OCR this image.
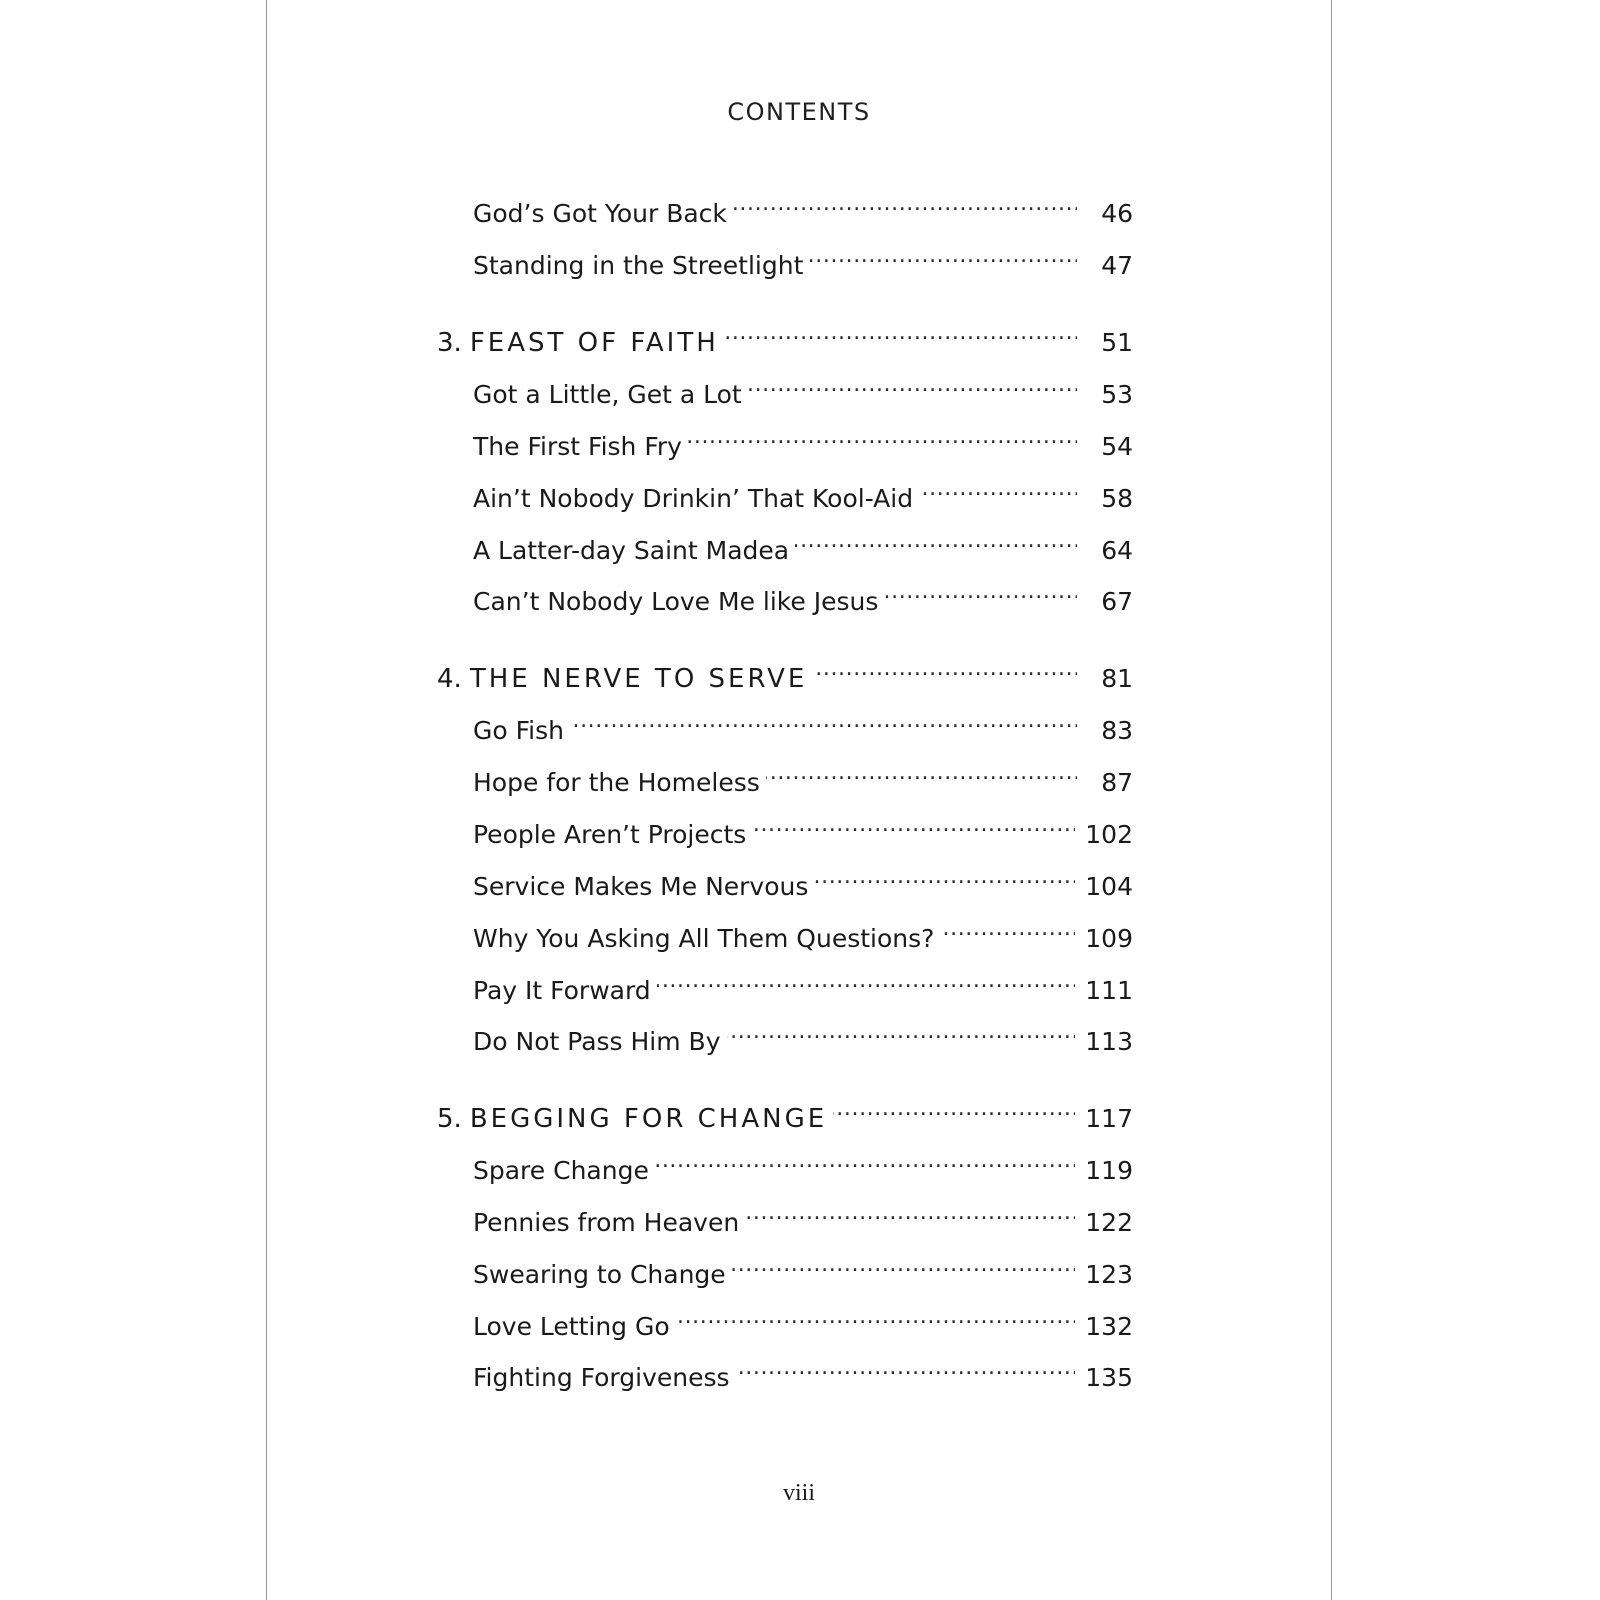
CONTENTS
God’s Got Your Back . . .	46
Standing in the Streetlight . . .	47
3. FEAST OF FAITH . . .	51
Got a Little, Get a Lot . . .	53
The First Fish Fry . . .	54
Ain’t Nobody Drinkin’ That Kool-Aid . . .	58
A Latter-day Saint Madea . . .	64
Can’t Nobody Love Me like Jesus . . .	67
4. THE NERVE TO SERVE . . .	81
Go Fish . . .	83
Hope for the Homeless . . .	87
People Aren’t Projects . . .	102
Service Makes Me Nervous . . .	104
Why You Asking All Them Questions? . . .	109
Pay It Forward . . .	111
Do Not Pass Him By . . .	113
5. BEGGING FOR CHANGE . . .	117
Spare Change . . .	119
Pennies from Heaven . . .	122
Swearing to Change . . .	123
Love Letting Go . . .	132
Fighting Forgiveness . . .	135
viii
